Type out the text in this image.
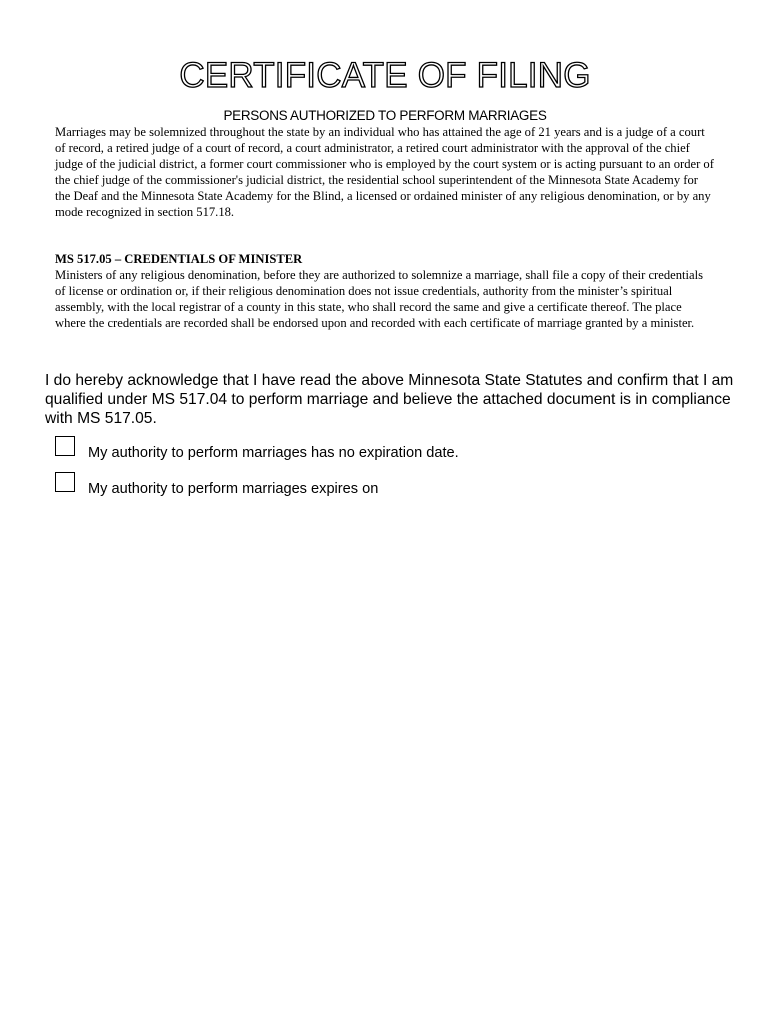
CERTIFICATE OF FILING
PERSONS AUTHORIZED TO PERFORM MARRIAGES
Marriages may be solemnized throughout the state by an individual who has attained the age of 21 years and is a judge of a court of record, a retired judge of a court of record, a court administrator, a retired court administrator with the approval of the chief judge of the judicial district, a former court commissioner who is employed by the court system or is acting pursuant to an order of the chief judge of the commissioner's judicial district, the residential school superintendent of the Minnesota State Academy for the Deaf and the Minnesota State Academy for the Blind, a licensed or ordained minister of any religious denomination, or by any mode recognized in section 517.18.
MS 517.05 – CREDENTIALS OF MINISTER
Ministers of any religious denomination, before they are authorized to solemnize a marriage, shall file a copy of their credentials of license or ordination or, if their religious denomination does not issue credentials, authority from the minister’s spiritual assembly, with the local registrar of a county in this state, who shall record the same and give a certificate thereof. The place where the credentials are recorded shall be endorsed upon and recorded with each certificate of marriage granted by a minister.
I do hereby acknowledge that I have read the above Minnesota State Statutes and confirm that I am qualified under MS 517.04 to perform marriage and believe the attached document is in compliance with MS 517.05.
My authority to perform marriages has no expiration date.
My authority to perform marriages expires on
